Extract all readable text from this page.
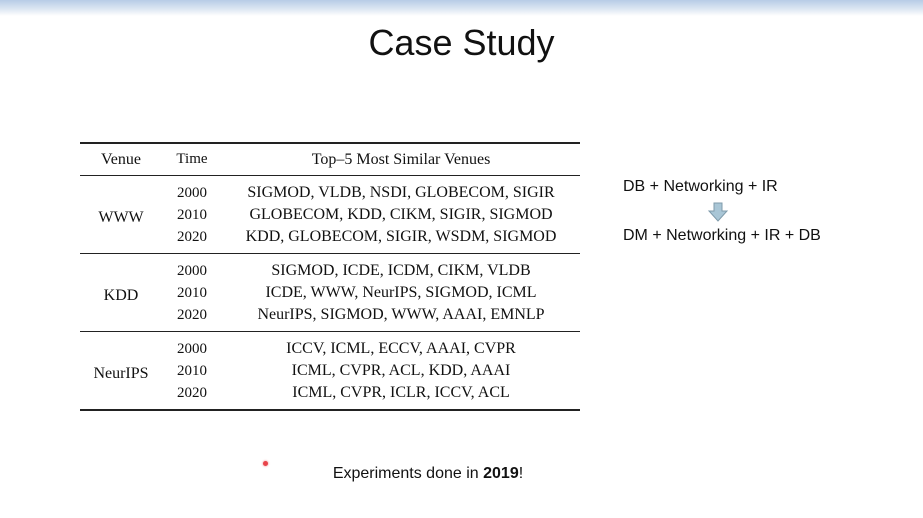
Case Study
Venue	Time	Top–5 Most Similar Venues
WWW	2000	SIGMOD, VLDB, NSDI, GLOBECOM, SIGIR
	2010	GLOBECOM, KDD, CIKM, SIGIR, SIGMOD
	2020	KDD, GLOBECOM, SIGIR, WSDM, SIGMOD
KDD	2000	SIGMOD, ICDE, ICDM, CIKM, VLDB
	2010	ICDE, WWW, NeurIPS, SIGMOD, ICML
	2020	NeurIPS, SIGMOD, WWW, AAAI, EMNLP
NeurIPS	2000	ICCV, ICML, ECCV, AAAI, CVPR
	2010	ICML, CVPR, ACL, KDD, AAAI
	2020	ICML, CVPR, ICLR, ICCV, ACL
DB + Networking + IR
DM + Networking + IR + DB
Experiments done in 2019!
